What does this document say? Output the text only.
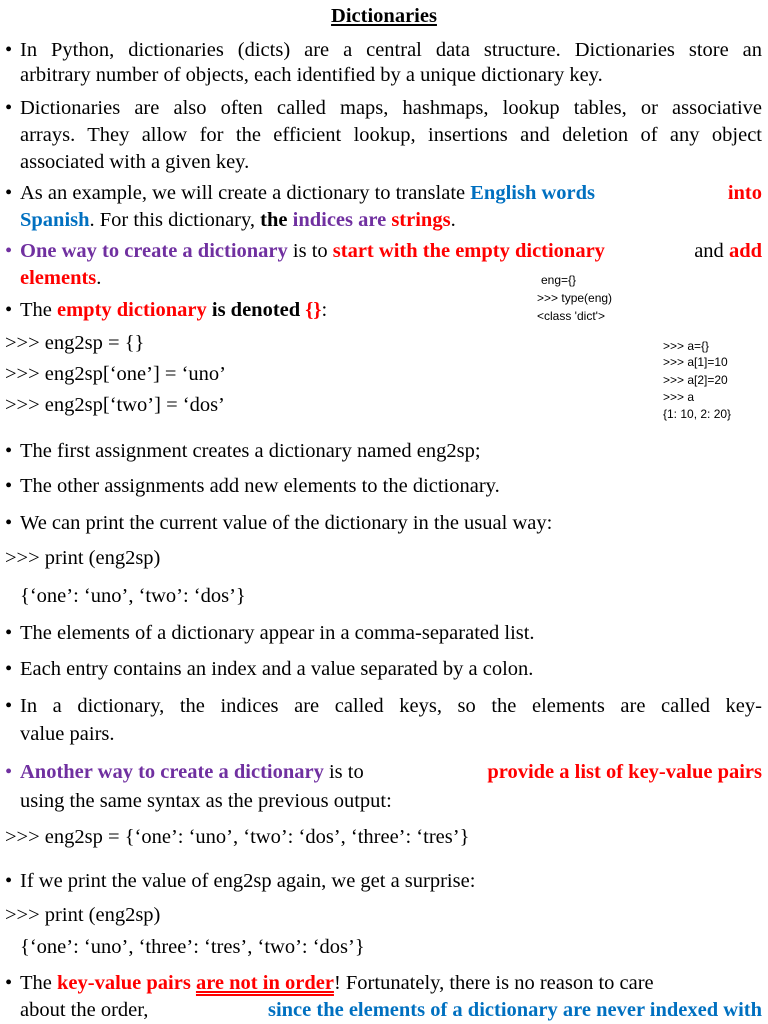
Dictionaries
• In Python, dictionaries (dicts) are a central data structure. Dictionaries store an
arbitrary number of objects, each identified by a unique dictionary key.
• Dictionaries are also often called maps, hashmaps, lookup tables, or associative
arrays. They allow for the efficient lookup, insertions and deletion of any object
associated with a given key.
• As an example, we will create a dictionary to translate English words	into
Spanish. For this dictionary, the indices are strings.
• One way to create a dictionary is to start with the empty dictionary	and add
elements.	eng={}
>>> type(eng)
<class 'dict'>
• The empty dictionary is denoted {}:
>>> eng2sp = {}
>>> eng2sp[‘one’] = ‘uno’
>>> eng2sp[‘two’] = ‘dos’
>>> a={}
>>> a[1]=10
>>> a[2]=20
>>> a
{1: 10, 2: 20}
• The first assignment creates a dictionary named eng2sp;
• The other assignments add new elements to the dictionary.
• We can print the current value of the dictionary in the usual way:
>>> print (eng2sp)
{‘one’: ‘uno’, ‘two’: ‘dos’}
• The elements of a dictionary appear in a comma-separated list.
• Each entry contains an index and a value separated by a colon.
• In a dictionary, the indices are called keys, so the elements are called key-
value pairs.
• Another way to create a dictionary is to	provide a list of key-value pairs
using the same syntax as the previous output:
>>> eng2sp = {‘one’: ‘uno’, ‘two’: ‘dos’, ‘three’: ‘tres’}
• If we print the value of eng2sp again, we get a surprise:
>>> print (eng2sp)
{‘one’: ‘uno’, ‘three’: ‘tres’, ‘two’: ‘dos’}
• The key-value pairs are not in order! Fortunately, there is no reason to care
about the order,	since the elements of a dictionary are never indexed with
